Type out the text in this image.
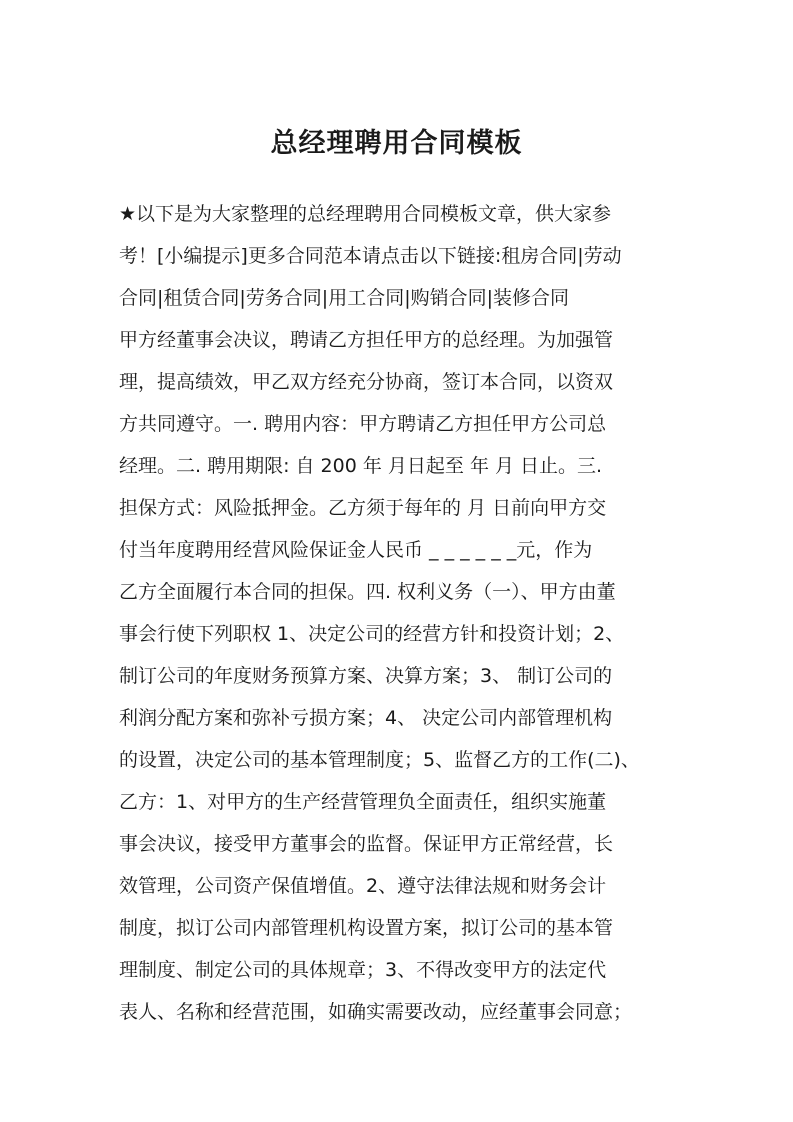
总经理聘用合同模板
★以下是为大家整理的总经理聘用合同模板文章，供大家参
考！[小编提示]更多合同范本请点击以下链接:租房合同|劳动
合同|租赁合同|劳务合同|用工合同|购销合同|装修合同
甲方经董事会决议，聘请乙方担任甲方的总经理。为加强管
理，提高绩效，甲乙双方经充分协商，签订本合同，以资双
方共同遵守。一. 聘用内容：甲方聘请乙方担任甲方公司总
经理。二. 聘用期限: 自 200 年 月日起至 年 月 日止。三.
担保方式：风险抵押金。乙方须于每年的 月 日前向甲方交
付当年度聘用经营风险保证金人民币 _ _ _ _ _ _元，作为
乙方全面履行本合同的担保。四. 权利义务（一）、甲方由董
事会行使下列职权 1、决定公司的经营方针和投资计划；2、
制订公司的年度财务预算方案、决算方案；3、 制订公司的
利润分配方案和弥补亏损方案；4、 决定公司内部管理机构
的设置，决定公司的基本管理制度；5、监督乙方的工作(二)、
乙方：1、对甲方的生产经营管理负全面责任，组织实施董
事会决议，接受甲方董事会的监督。保证甲方正常经营，长
效管理，公司资产保值增值。2、遵守法律法规和财务会计
制度，拟订公司内部管理机构设置方案，拟订公司的基本管
理制度、制定公司的具体规章；3、不得改变甲方的法定代
表人、名称和经营范围，如确实需要改动，应经董事会同意；
